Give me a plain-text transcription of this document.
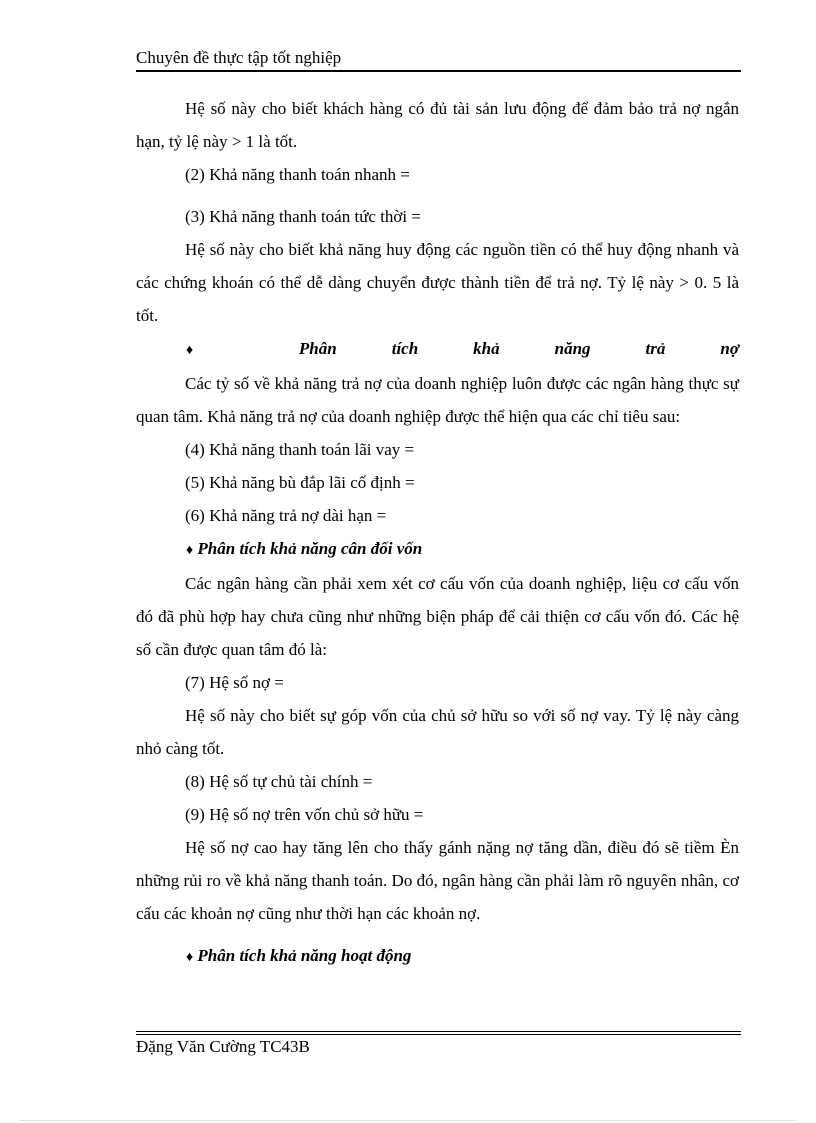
Chuyên đề thực tập tốt nghiệp

Hệ số này cho biết khách hàng có đủ tài sản lưu động để đảm bảo trả nợ ngắn hạn, tỷ lệ này > 1 là tốt.

(2) Khả năng thanh toán nhanh =

(3) Khả năng thanh toán tức thời =

Hệ số này cho biết khả năng huy động các nguồn tiền có thể huy động nhanh và các chứng khoán có thể dễ dàng chuyển được thành tiền để trả nợ. Tỷ lệ này > 0. 5 là tốt.

♦	Phân tích khả năng trả nợ

Các tỷ số về khả năng trả nợ của doanh nghiệp luôn được các ngân hàng thực sự quan tâm. Khả năng trả nợ của doanh nghiệp được thể hiện qua các chỉ tiêu sau:

(4) Khả năng thanh toán lãi vay =

(5) Khả năng bù đắp lãi cố định =

(6) Khả năng trả nợ dài hạn =

♦ Phân tích khả năng cân đối vốn

Các ngân hàng cần phải xem xét cơ cấu vốn của doanh nghiệp, liệu cơ cấu vốn đó đã phù hợp hay chưa cũng như những biện pháp để cải thiện cơ cấu vốn đó. Các hệ số cần được quan tâm đó là:

(7) Hệ số nợ =

Hệ số này cho biết sự góp vốn của chủ sở hữu so với số nợ vay. Tỷ lệ này càng nhỏ càng tốt.

(8) Hệ số tự chủ tài chính =

(9) Hệ số nợ trên vốn chủ sở hữu =

Hệ số nợ cao hay tăng lên cho thấy gánh nặng nợ tăng dần, điều đó sẽ tiềm Èn những rủi ro về khả năng thanh toán. Do đó, ngân hàng cần phải làm rõ nguyên nhân, cơ cấu các khoản nợ cũng như thời hạn các khoản nợ.

♦ Phân tích khả năng hoạt động

Đặng Văn Cường TC43B
